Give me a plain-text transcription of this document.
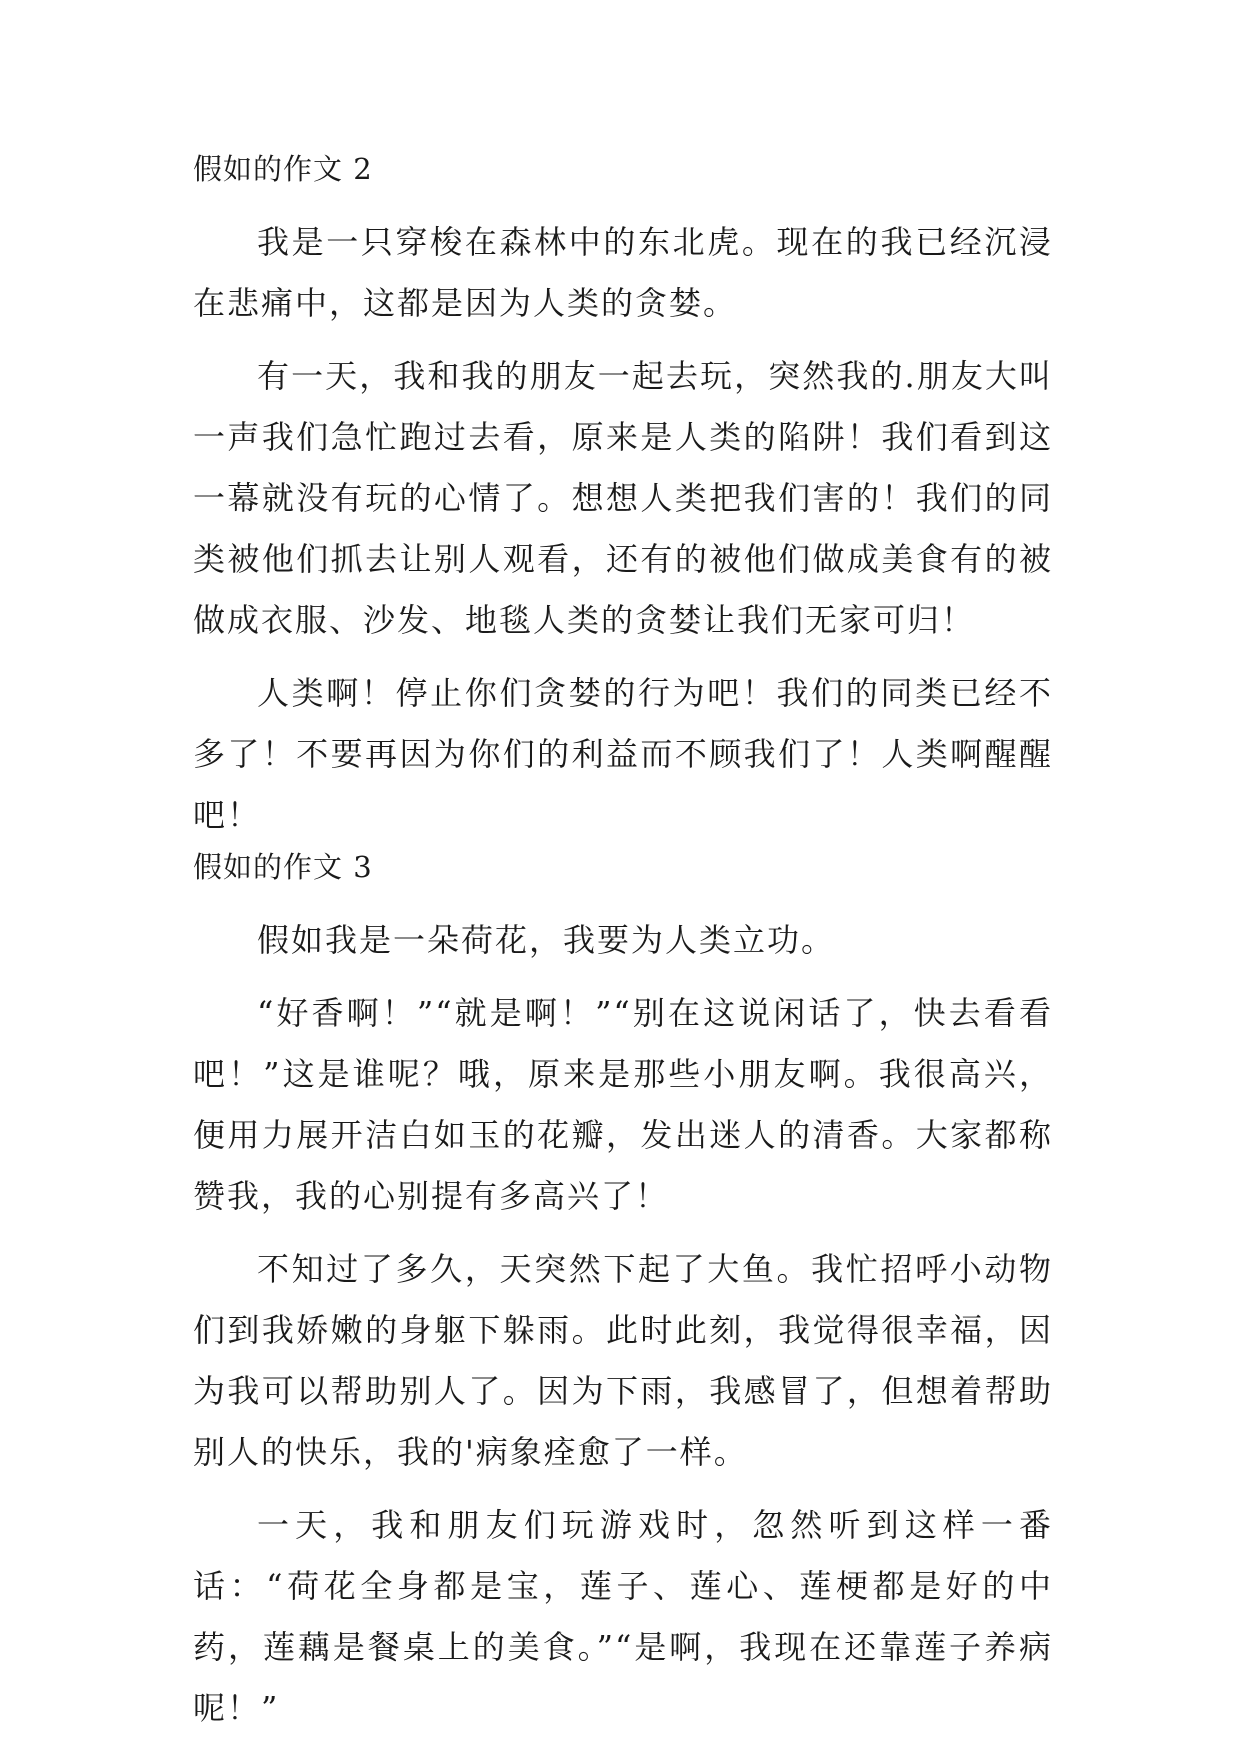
假如的作文 2

我是一只穿梭在森林中的东北虎。现在的我已经沉浸在悲痛中，这都是因为人类的贪婪。

有一天，我和我的朋友一起去玩，突然我的.朋友大叫一声我们急忙跑过去看，原来是人类的陷阱！我们看到这一幕就没有玩的心情了。想想人类把我们害的！我们的同类被他们抓去让别人观看，还有的被他们做成美食有的被做成衣服、沙发、地毯人类的贪婪让我们无家可归！

人类啊！停止你们贪婪的行为吧！我们的同类已经不多了！不要再因为你们的利益而不顾我们了！人类啊醒醒吧！

假如的作文 3

假如我是一朵荷花，我要为人类立功。

“好香啊！”“就是啊！”“别在这说闲话了，快去看看吧！”这是谁呢？哦，原来是那些小朋友啊。我很高兴，便用力展开洁白如玉的花瓣，发出迷人的清香。大家都称赞我，我的心别提有多高兴了！

不知过了多久，天突然下起了大鱼。我忙招呼小动物们到我娇嫩的身躯下躲雨。此时此刻，我觉得很幸福，因为我可以帮助别人了。因为下雨，我感冒了，但想着帮助别人的快乐，我的'病象痊愈了一样。

一天，我和朋友们玩游戏时，忽然听到这样一番话：“荷花全身都是宝，莲子、莲心、莲梗都是好的中药，莲藕是餐桌上的美食。”“是啊，我现在还靠莲子养病呢！”
